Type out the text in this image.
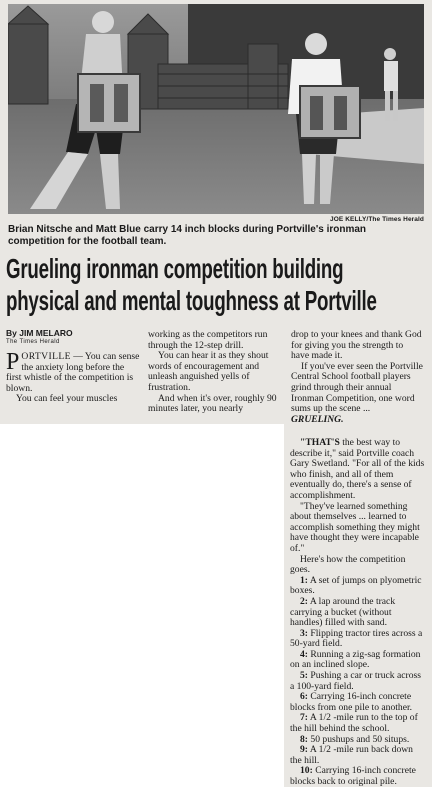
JOE KELLY/The Times Herald
Brian Nitsche and Matt Blue carry 14 inch blocks during Portville's ironman competition for the football team.
Grueling ironman competition building
physical and mental toughness at Portville
By JIM MELARO
The Times Herald

PORTVILLE — You can sense the anxiety long before the first whistle of the competition is blown.

You can feel your muscles

working as the competitors run through the 12-step drill.

You can hear it as they shout words of encouragement and unleash anguished yells of frustration.

And when it's over, roughly 90 minutes later, you nearly

drop to your knees and thank God for giving you the strength to have made it.

If you've ever seen the Portville Central School football players grind through their annual Ironman Competition, one word sums up the scene ... GRUELING.

"THAT'S the best way to describe it," said Portville coach Gary Swetland. "For all of the kids who finish, and all of them eventually do, there's a sense of accomplishment.

"They've learned something about themselves ... learned to accomplish something they might have thought they were incapable of."

Here's how the competition goes.

1: A set of jumps on plyometric boxes.

2: A lap around the track carrying a bucket (without handles) filled with sand.

3: Flipping tractor tires across a 50-yard field.

4: Running a zig-sag formation on an inclined slope.

5: Pushing a car or truck across a 100-yard field.

6: Carrying 16-inch concrete blocks from one pile to another.

7: A 1/2 -mile run to the top of the hill behind the school.

8: 50 pushups and 50 situps.

9: A 1/2 -mile run back down the hill.

10: Carrying 16-inch concrete blocks back to original pile.
